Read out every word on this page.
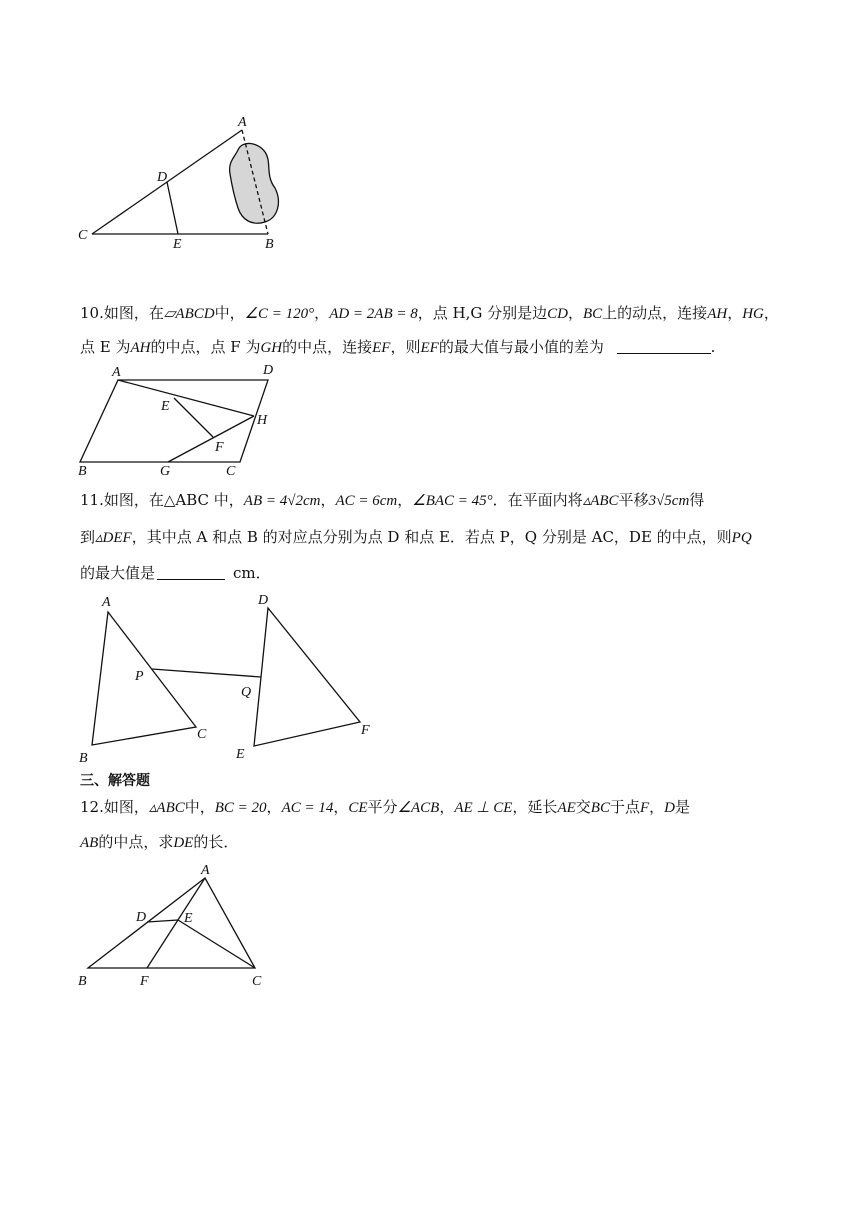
A
D
C
E	B
10.如图，在▱ABCD中，∠C = 120°，AD = 2AB = 8，点 H,G 分别是边CD，BC上的动点，连接AH，HG，
点 E 为AH的中点，点 F 为GH的中点，连接EF，则EF的最大值与最小值的差为	.
A	D
E
H
F
B	G	C
11.如图，在△ABC 中，AB = 4√2cm，AC = 6cm，∠BAC = 45°．在平面内将▵ABC平移3√5cm得
到▵DEF，其中点 A 和点 B 的对应点分别为点 D 和点 E．若点 P，Q 分别是 AC，DE 的中点，则PQ
的最大值是	cm．
A
P
B
C
D
Q
E
F
三、解答题
12.如图，▵ABC中，BC = 20，AC = 14，CE平分∠ACB，AE ⊥ CE，延长AE交BC于点F，D是
AB的中点，求DE的长．
A
D	E
B	F	C
